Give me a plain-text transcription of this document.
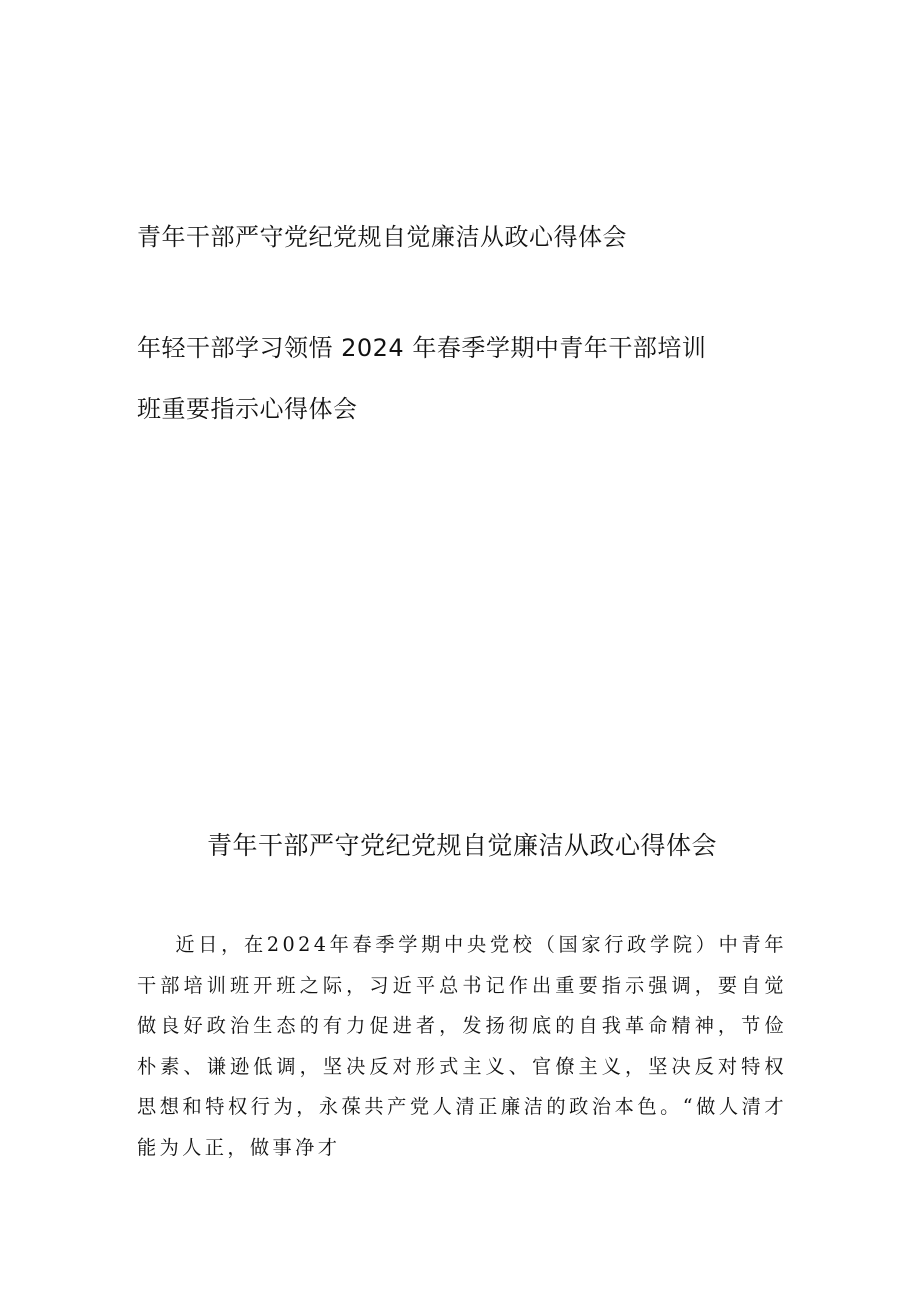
青年干部严守党纪党规自觉廉洁从政心得体会
年轻干部学习领悟 2024 年春季学期中青年干部培训
班重要指示心得体会
青年干部严守党纪党规自觉廉洁从政心得体会

近日，在2024年春季学期中央党校（国家行政学院）中青年干部培训班开班之际，习近平总书记作出重要指示强调，要自觉做良好政治生态的有力促进者，发扬彻底的自我革命精神，节俭朴素、谦逊低调，坚决反对形式主义、官僚主义，坚决反对特权思想和特权行为，永葆共产党人清正廉洁的政治本色。“做人清才能为人正，做事净才
